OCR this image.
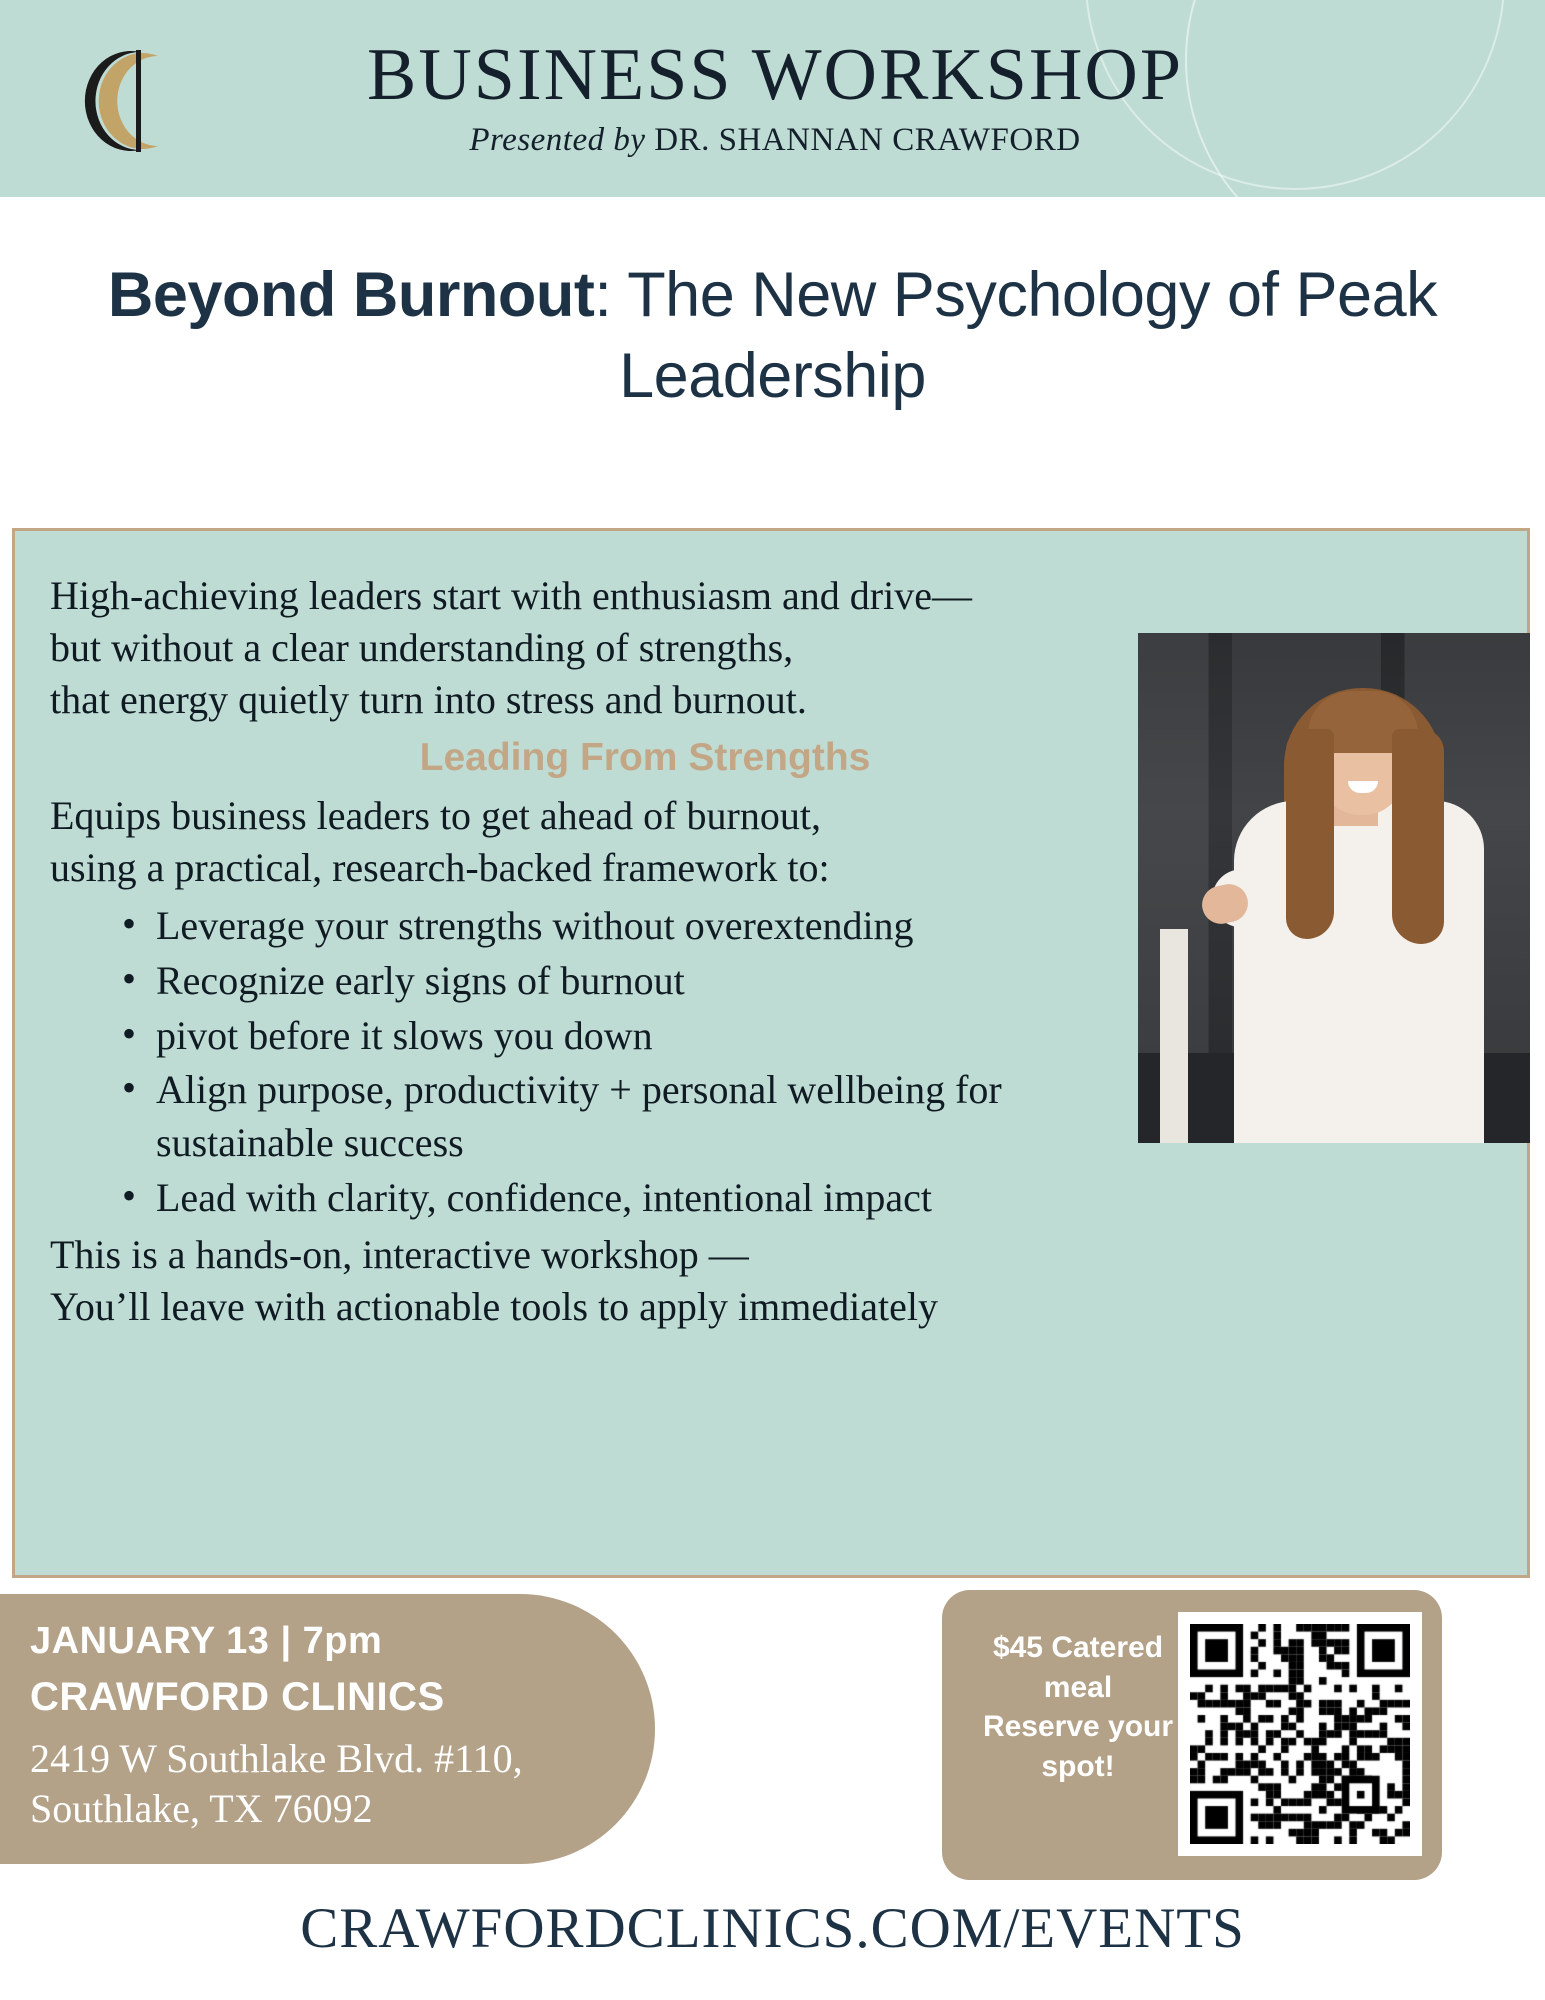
BUSINESS WORKSHOP
Presented by DR. SHANNAN CRAWFORD
Beyond Burnout: The New Psychology of Peak Leadership
High-achieving leaders start with enthusiasm and drive—
but without a clear understanding of strengths,
that energy quietly turn into stress and burnout.
Leading From Strengths
Equips business leaders to get ahead of burnout,
using a practical, research-backed framework to:
• Leverage your strengths without overextending
• Recognize early signs of burnout
• pivot before it slows you down
• Align purpose, productivity + personal wellbeing for sustainable success
• Lead with clarity, confidence, intentional impact
This is a hands-on, interactive workshop —
You’ll leave with actionable tools to apply immediately
JANUARY 13 | 7pm
CRAWFORD CLINICS
2419 W Southlake Blvd. #110,
Southlake, TX 76092
$45 Catered
meal
Reserve your
spot!
CRAWFORDCLINICS.COM/EVENTS
